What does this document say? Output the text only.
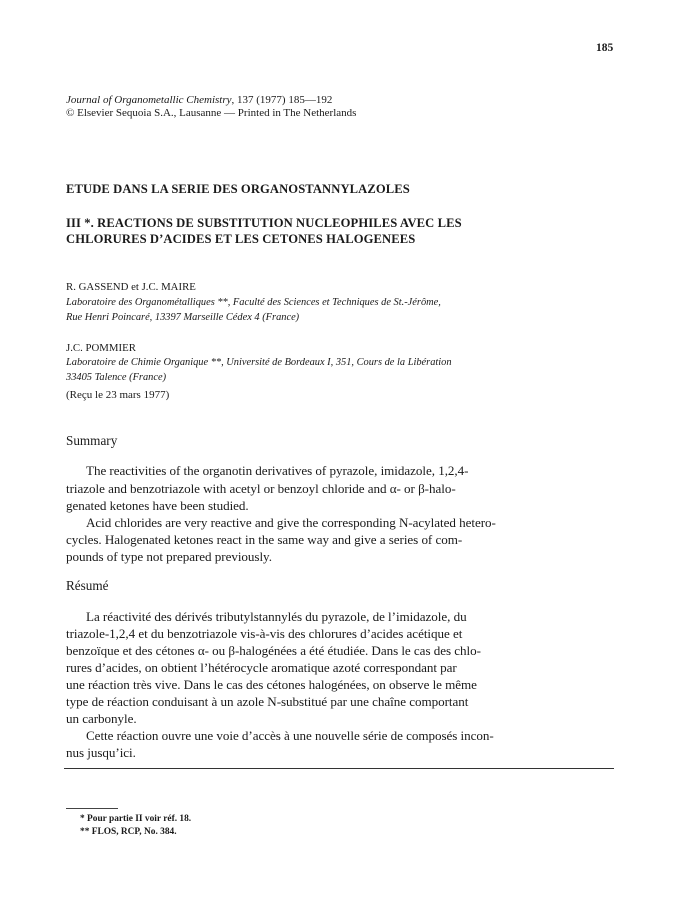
185
Journal of Organometallic Chemistry, 137 (1977) 185—192
© Elsevier Sequoia S.A., Lausanne — Printed in The Netherlands
ETUDE DANS LA SERIE DES ORGANOSTANNYLAZOLES
III *. REACTIONS DE SUBSTITUTION NUCLEOPHILES AVEC LES
CHLORURES D’ACIDES ET LES CETONES HALOGENEES
R. GASSEND et J.C. MAIRE
Laboratoire des Organométalliques **, Faculté des Sciences et Techniques de St.-Jérôme,
Rue Henri Poincaré, 13397 Marseille Cédex 4 (France)
J.C. POMMIER
Laboratoire de Chimie Organique **, Université de Bordeaux I, 351, Cours de la Libération
33405 Talence (France)
(Reçu le 23 mars 1977)
Summary
The reactivities of the organotin derivatives of pyrazole, imidazole, 1,2,4-
triazole and benzotriazole with acetyl or benzoyl chloride and α- or β-halo-
genated ketones have been studied.
Acid chlorides are very reactive and give the corresponding N-acylated hetero-
cycles. Halogenated ketones react in the same way and give a series of com-
pounds of type not prepared previously.
Résumé
La réactivité des dérivés tributylstannylés du pyrazole, de l’imidazole, du
triazole-1,2,4 et du benzotriazole vis-à-vis des chlorures d’acides acétique et
benzoïque et des cétones α- ou β-halogénées a été étudiée. Dans le cas des chlo-
rures d’acides, on obtient l’hétérocycle aromatique azoté correspondant par
une réaction très vive. Dans le cas des cétones halogénées, on observe le même
type de réaction conduisant à un azole N-substitué par une chaîne comportant
un carbonyle.
Cette réaction ouvre une voie d’accès à une nouvelle série de composés incon-
nus jusqu’ici.
* Pour partie II voir réf. 18.
** FLOS, RCP, No. 384.
